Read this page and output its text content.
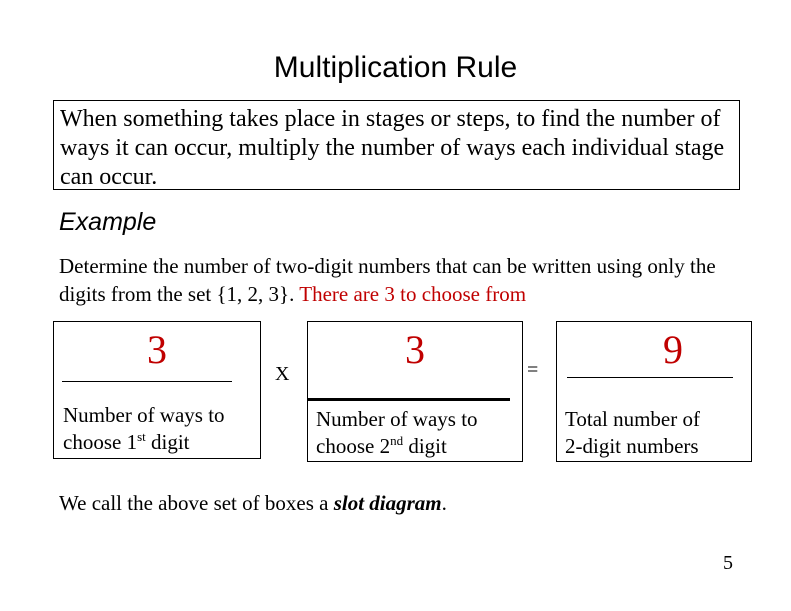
Multiplication Rule
When something takes place in stages or steps, to find the number of ways it can occur, multiply the number of ways each individual stage can occur.
Example
Determine the number of two-digit numbers that can be written using only the digits from the set {1, 2, 3}. There are 3 to choose from
3
Number of ways to
choose 1st digit
X
3
Number of ways to
choose 2nd digit
=	9
Total number of
2-digit numbers
We call the above set of boxes a slot diagram.
5
